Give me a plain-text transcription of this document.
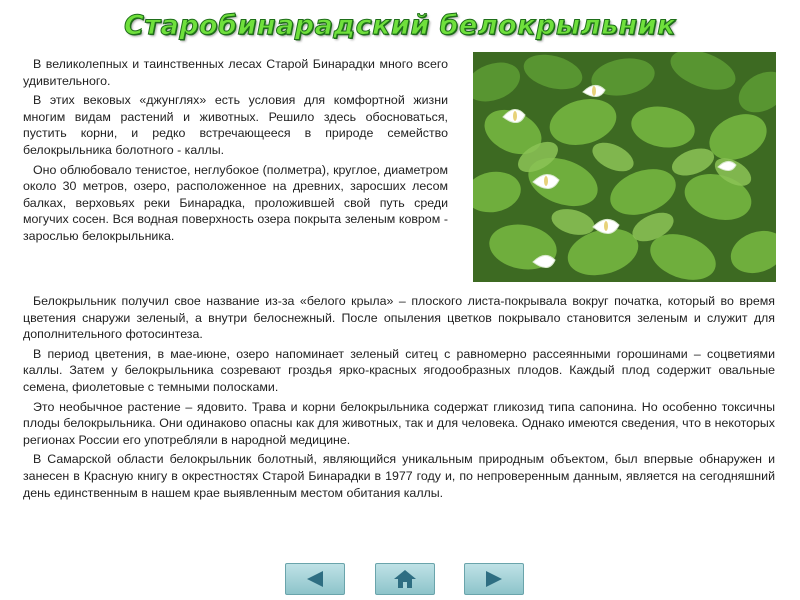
Старобинарадский белокрыльник

В великолепных и таинственных лесах Старой Бинарадки много всего удивительного.

В этих вековых «джунглях» есть условия для комфортной жизни многим видам растений и животных. Решило здесь обосноваться, пустить корни, и редко встречающееся в природе семейство белокрыльника болотного - каллы.

Оно облюбовало тенистое, неглубокое (полметра), круглое, диаметром около 30 метров, озеро, расположенное на древних, заросших лесом балках, верховьях реки Бинарадка, проложившей свой путь среди могучих сосен. Вся водная поверхность озера покрыта зеленым ковром - зарослью белокрыльника.

Белокрыльник получил свое название из-за «белого крыла» – плоского листа-покрывала вокруг початка, который во время цветения снаружи зеленый, а внутри белоснежный. После опыления цветков покрывало становится зеленым и служит для дополнительного фотосинтеза.

В период цветения, в мае-июне, озеро напоминает зеленый ситец с равномерно рассеянными горошинами – соцветиями каллы. Затем у белокрыльника созревают гроздья ярко-красных ягодообразных плодов. Каждый плод содержит овальные семена, фиолетовые с темными полосками.

Это необычное растение – ядовито. Трава и корни белокрыльника содержат гликозид типа сапонина. Но особенно токсичны плоды белокрыльника. Они одинаково опасны как для животных, так и для человека. Однако имеются сведения, что в некоторых регионах России его употребляли в народной медицине.

В Самарской области белокрыльник болотный, являющийся уникальным природным объектом, был впервые обнаружен и занесен в Красную книгу в окрестностях Старой Бинарадки в 1977 году и, по непроверенным данным, является на сегодняшний день единственным в нашем крае выявленным местом обитания каллы.
